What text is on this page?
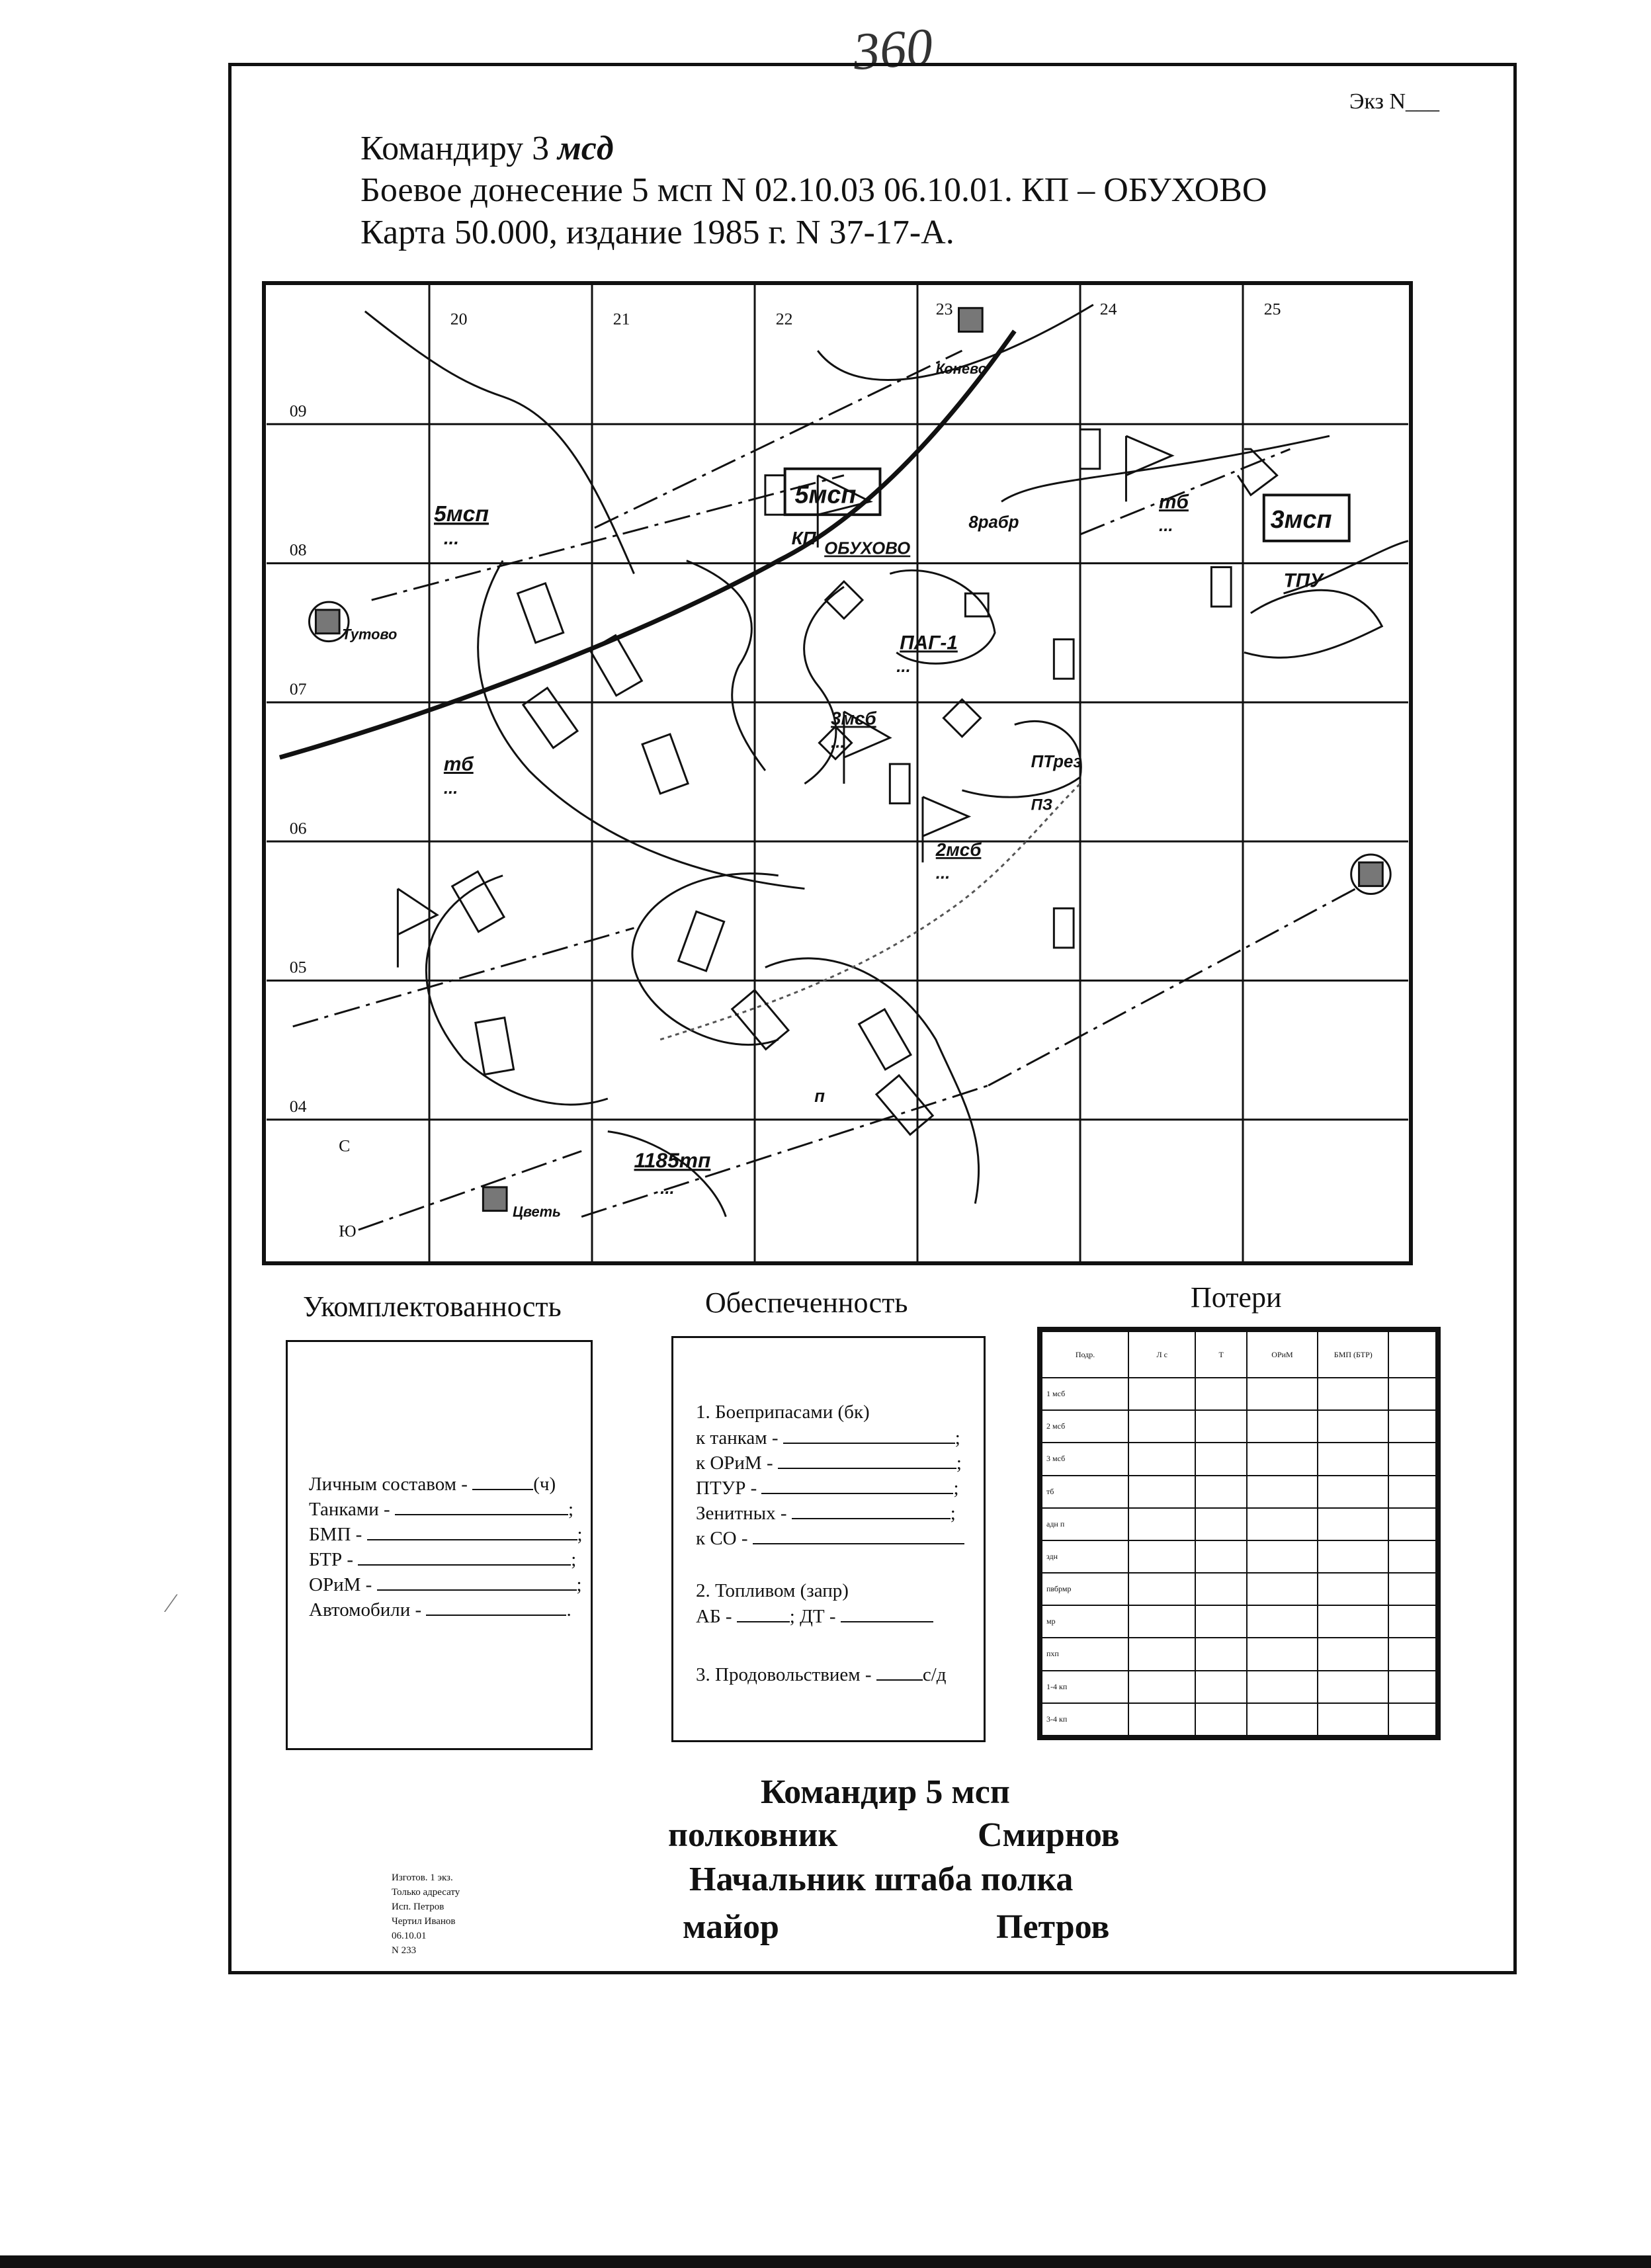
360
Экз N___
Командиру 3 мсд
Боевое донесение 5 мсп N 02.10.03 06.10.01. КП – ОБУХОВО
Карта 50.000, издание 1985 г. N 37-17-А.
20	21	22
23	24	25
09
08
07
06
05
04
С
Ю
Конево
Тутово
Цветь
5мсп
...
5мсп
КП
ОБУХОВО
3мсп
ТПУ
8рабр
тб
...
тб
...
ПАГ-1
...
3мсб
...
2мсб
...
ПТрез
ПЗ
1185тп
...
п
Укомплектованность	Обеспеченность	Потери
Личным составом -	(ч)
Танками -	;
БМП -	;
БТР -	;
ОРиМ -	;
Автомобили -	.
1. Боеприпасами (бк)
к танкам -	;
к ОРиМ -	;
ПТУР -	;
Зенитных -	;
к СО -
2. Топливом (запр)
АБ -	; ДТ -
3. Продовольствием - с/д
Подр.	Л с	Т	ОРиМ	БМП (БТР)	
1 мсб					
2 мсб					
3 мсб					
тб					
адн п					
здн					
пвбрмр					
мр					
пхп					
1-4 кп					
3-4 кп					
Командир 5 мсп
полковник	Смирнов
Начальник штаба полка
майор	Петров
Изготов. 1 экз.
Только адресату
Исп. Петров
Чертил Иванов
06.10.01
N 233
⁄
